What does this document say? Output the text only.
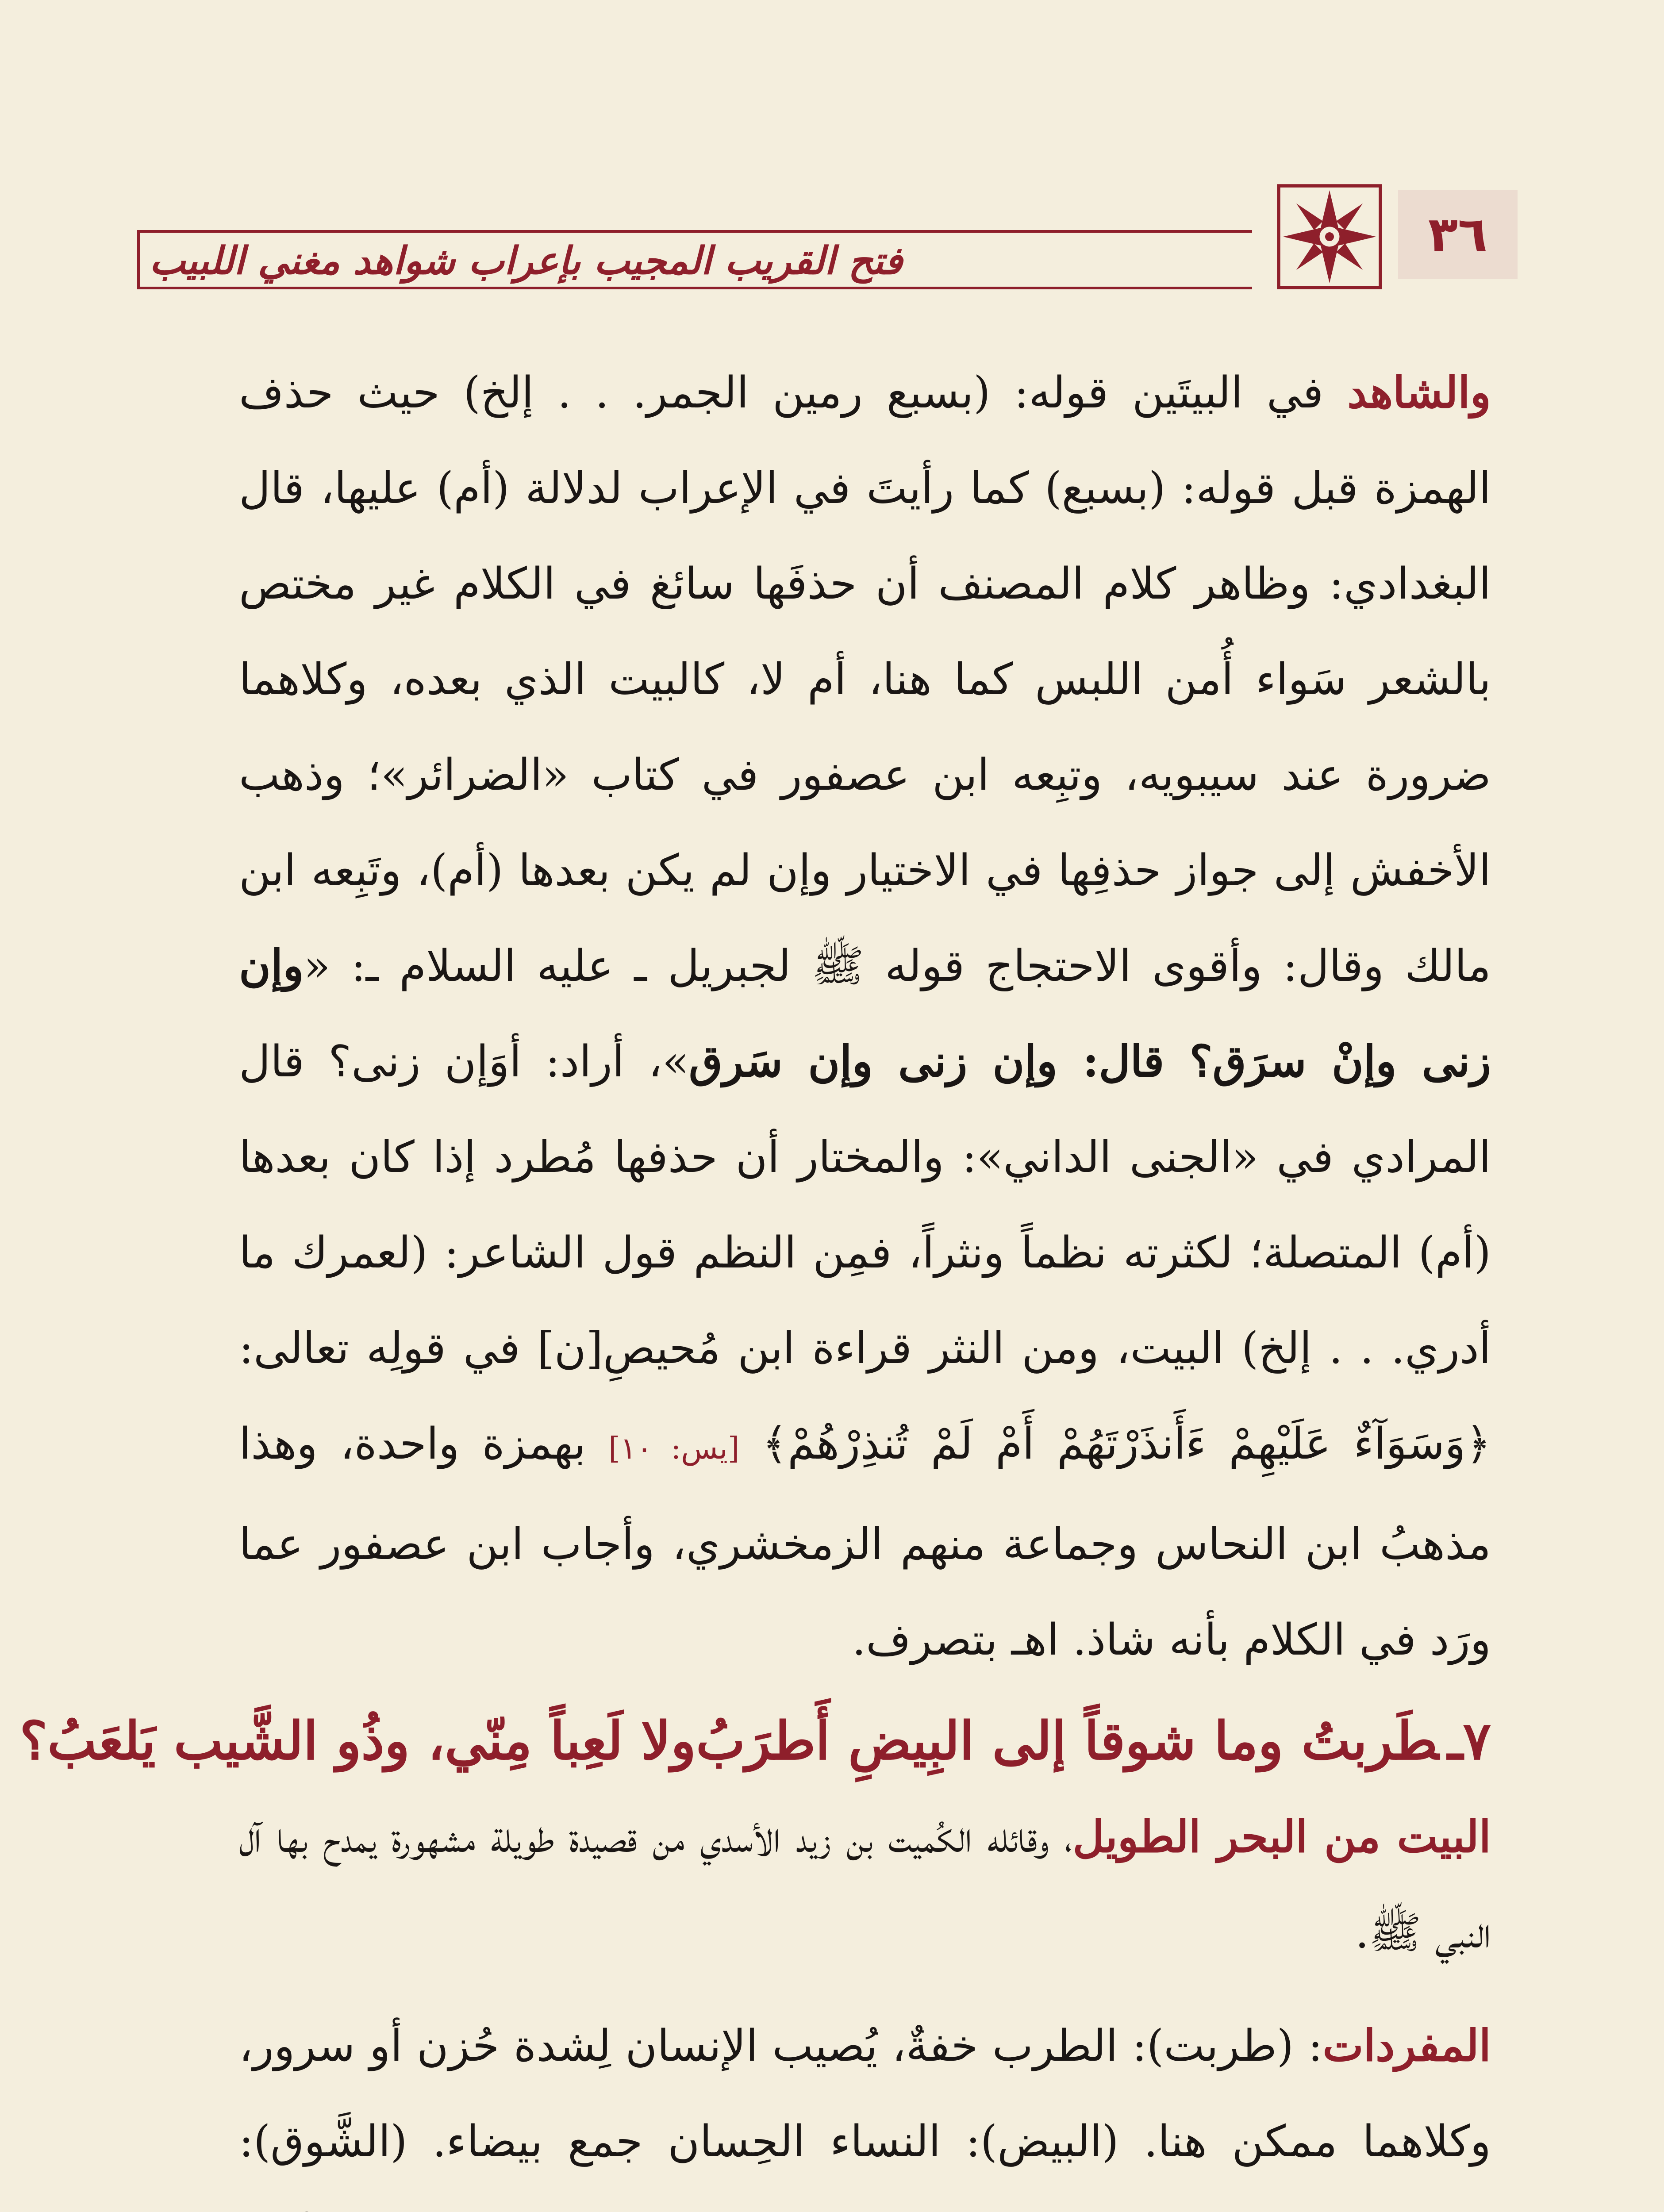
٣٦
فتح القريب المجيب بإعراب شواهد مغني اللبيب

والشاهد في البيتَين قوله: (بسبع رمين الجمر. . . إلخ) حيث حذف الهمزة قبل قوله: (بسبع) كما رأيتَ في الإعراب لدلالة (أم) عليها، قال البغدادي: وظاهر كلام المصنف أن حذفَها سائغ في الكلام غير مختص بالشعر سَواء أُمن اللبس كما هنا، أم لا، كالبيت الذي بعده، وكلاهما ضرورة عند سيبويه، وتبِعه ابن عصفور في كتاب «الضرائر»؛ وذهب الأخفش إلى جواز حذفِها في الاختيار وإن لم يكن بعدها (أم)، وتَبِعه ابن مالك وقال: وأقوى الاحتجاج قوله ﷺ لجبريل ـ عليه السلام ـ: «وإن زنى وإنْ سرَق؟ قال: وإن زنى وإن سَرق»، أراد: أوَإن زنى؟ قال المرادي في «الجنى الداني»: والمختار أن حذفها مُطرد إذا كان بعدها (أم) المتصلة؛ لكثرته نظماً ونثراً، فمِن النظم قول الشاعر: (لعمرك ما أدري. . . إلخ) البيت، ومن النثر قراءة ابن مُحيصِ[ن] في قولِه تعالى: ﴿وَسَوَآءٌ عَلَيْهِمْ ءَأَنذَرْتَهُمْ أَمْ لَمْ تُنذِرْهُمْ﴾ [يس: ١٠] بهمزة واحدة، وهذا مذهبُ ابن النحاس وجماعة منهم الزمخشري، وأجاب ابن عصفور عما ورَد في الكلام بأنه شاذ. اهـ بتصرف.

٧ـطَربتُ وما شوقاً إلى البِيضِ أَطرَبُ
ولا لَعِباً مِنّي، وذُو الشَّيب يَلعَبُ؟

البيت من البحر الطويل، وقائله الكُميت بن زيد الأسدي من قصيدة طويلة مشهورة يمدح بها آل النبي ﷺ.

المفردات: (طربت): الطرب خفةٌ، يُصيب الإنسان لِشدة حُزن أو سرور، وكلاهما ممكن هنا. (البيض): النساء الحِسان جمع بيضاء. (الشَّوق):
